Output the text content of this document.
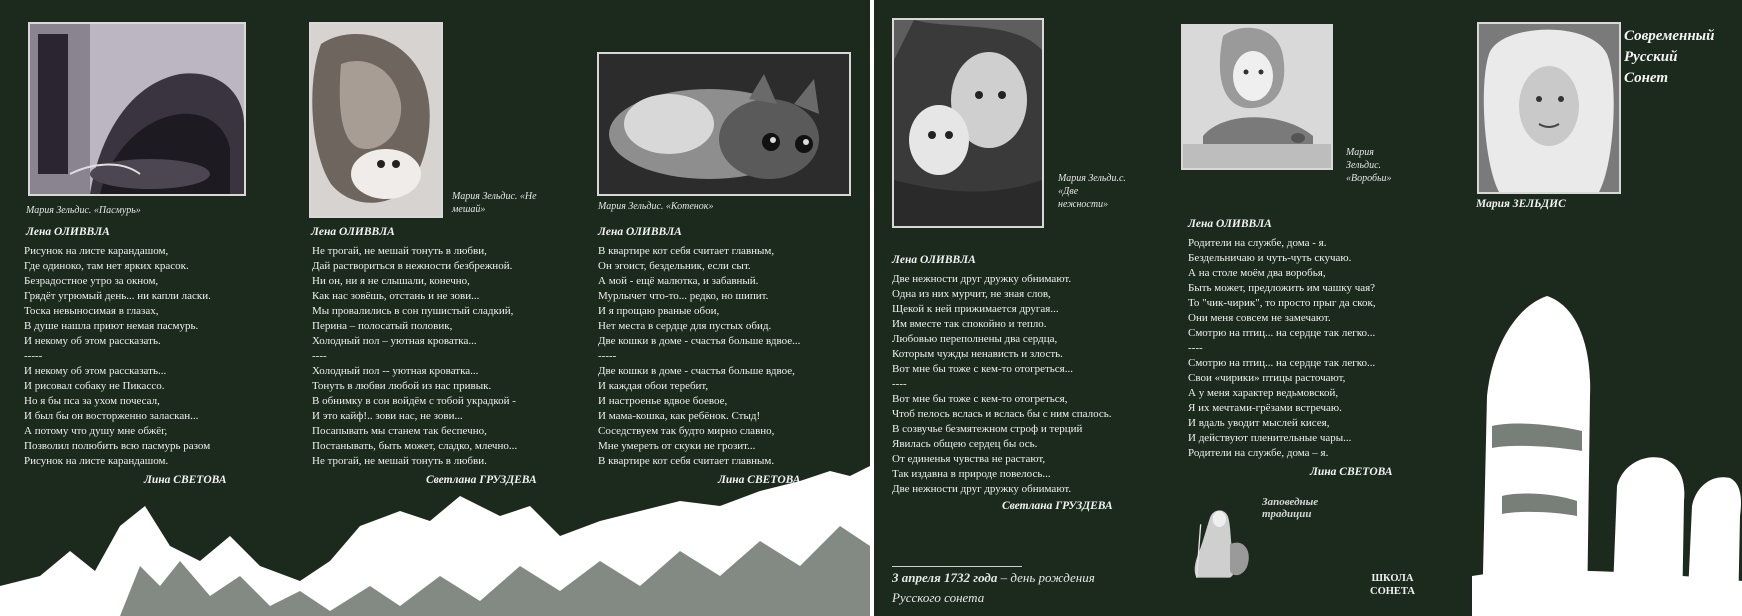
Мария Зельдис. «Пасмурь»
Мария Зельдис. «Не мешай»	Мария Зельдис. «Котенок»
Лена ОЛИВВЛА
Рисунок на листе карандашом,
Где одиноко, там нет ярких красок.
Безрадостное утро за окном,
Грядёт угрюмый день... ни капли ласки.
Тоска невыносимая в глазах,
В душе нашла приют немая пасмурь.
И некому об этом рассказать.
-----
И некому об этом рассказать...
И рисовал собаку не Пикассо.
Но я бы пса за ухом почесал,
И был бы он восторженно заласкан...
А потому что душу мне обжёг,
Позволил полюбить всю пасмурь разом
Рисунок на листе карандашом.
Лина СВЕТОВА
Лена ОЛИВВЛА
Не трогай, не мешай тонуть в любви,
Дай раствориться в нежности безбрежной.
Ни он, ни я не слышали, конечно,
Как нас зовёшь, отстань и не зови...
Мы провалились в сон пушистый сладкий,
Перина – полосатый половик,
Холодный пол – уютная кроватка...
----
Холодный пол -- уютная кроватка...
Тонуть в любви любой из нас привык.
В обнимку в сон войдём с тобой украдкой -
И это кайф!.. зови нас, не зови...
Посапывать мы станем так беспечно,
Постанывать, быть может, сладко, млечно...
Не трогай, не мешай тонуть в любви.
Светлана ГРУЗДЕВА
Лена ОЛИВВЛА
В квартире кот себя считает главным,
Он эгоист, бездельник, если сыт.
А мой - ещё малютка, и забавный.
Мурлычет что-то... редко, но шипит.
И я прощаю рваные обои,
Нет места в сердце для пустых обид.
Две кошки в доме - счастья больше вдвое...
-----
Две кошки в доме - счастья больше вдвое,
И каждая обои теребит,
И настроенье вдвое боевое,
И мама-кошка, как ребёнок. Стыд!
Соседствуем так будто мирно славно,
Мне умереть от скуки не грозит...
В квартире кот себя считает главным.
Лина СВЕТОВА
Мария Зельди.с. «Две нежности»
Мария Зельдис. «Воробьи»
Мария ЗЕЛЬДИС
Современный
Русский
Сонет
Лена ОЛИВВЛА
Две нежности друг дружку обнимают.
Одна из них мурчит, не зная слов,
Щекой к ней прижимается другая...
Им вместе так спокойно и тепло.
Любовью переполнены два сердца,
Которым чужды ненависть и злость.
Вот мне бы тоже с кем-то отогреться...
----
Вот мне бы тоже с кем-то отогреться,
Чтоб пелось вслась и вслась бы с ним спалось.
В созвучье безмятежном строф и терций
Явилась общею сердец бы ось.
От единенья чувства не растают,
Так издавна в природе повелось...
Две нежности друг дружку обнимают.
Светлана ГРУЗДЕВА
Лена ОЛИВВЛА
Родители на службе, дома - я.
Бездельничаю и чуть-чуть скучаю.
А на столе моём два воробья,
Быть может, предложить им чашку чая?
То "чик-чирик", то просто прыг да скок,
Они меня совсем не замечают.
Смотрю на птиц... на сердце так легко...
----
Смотрю на птиц... на сердце так легко...
Свои «чирики» птицы расточают,
А у меня характер ведьмовской,
Я их мечтами-грёзами встречаю.
И вдаль уводит мыслей кисея,
И действуют пленительные чары...
Родители на службе, дома – я.
Лина СВЕТОВА
Заповедные
традиции
3 апреля 1732 года – день рождения
Русского сонета
ШКОЛА
СОНЕТА
